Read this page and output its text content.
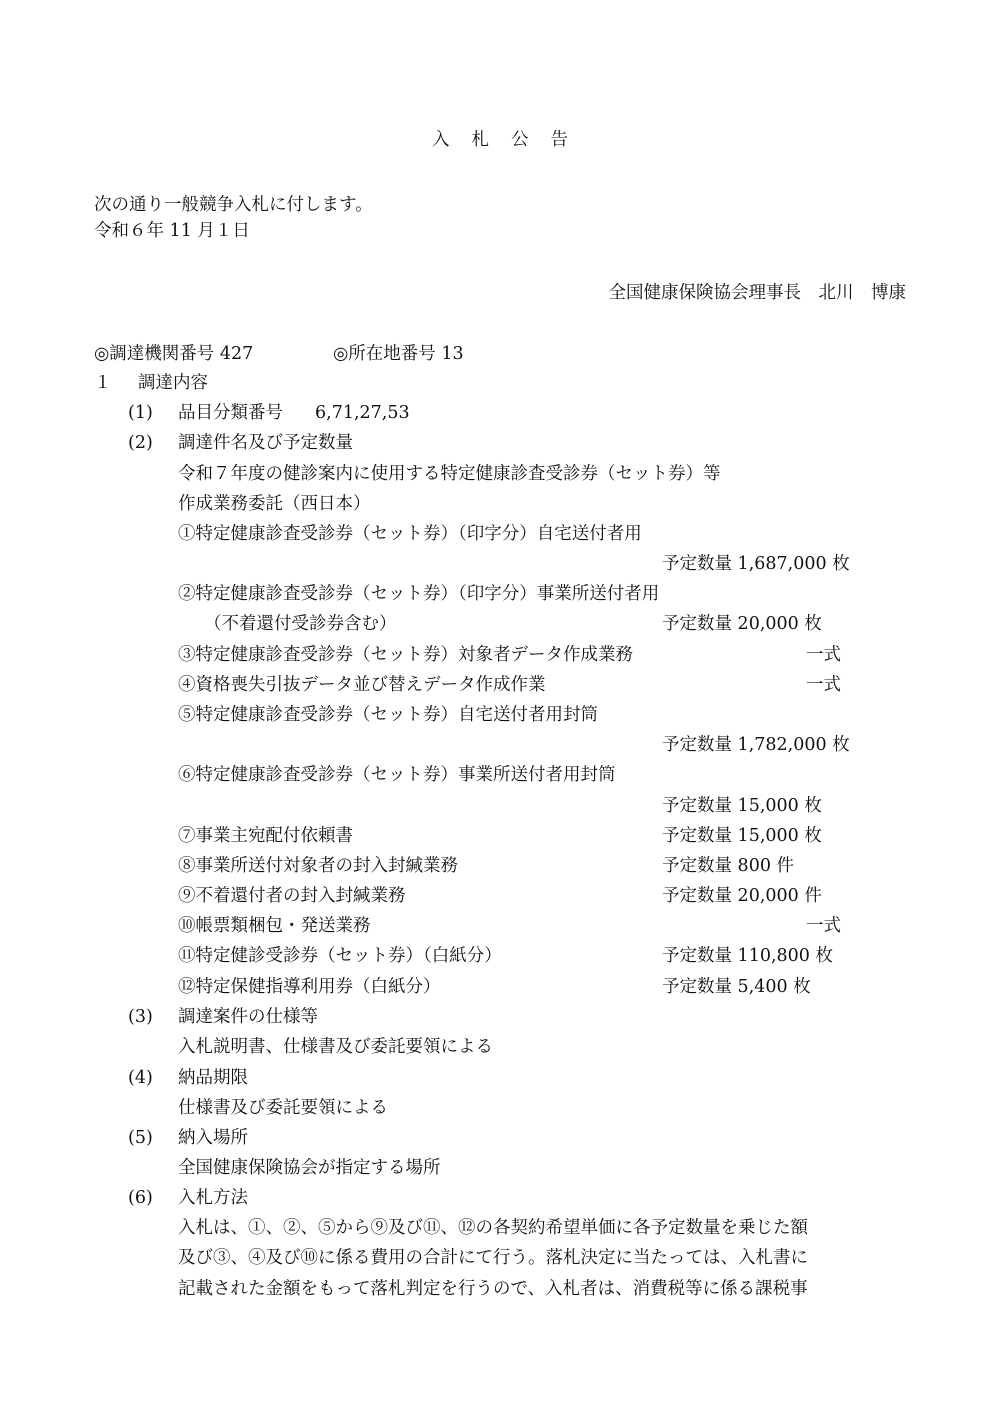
入札公告
次の通り一般競争入札に付します。
令和６年 11 月１日
全国健康保険協会理事長　北川　博康
◎調達機関番号 427	◎所在地番号 13
１ 調達内容
(1) 品目分類番号 6,71,27,53
(2) 調達件名及び予定数量
令和７年度の健診案内に使用する特定健康診査受診券（セット券）等
作成業務委託（西日本）
①特定健康診査受診券（セット券）（印字分）自宅送付者用
予定数量 1,687,000 枚
②特定健康診査受診券（セット券）（印字分）事業所送付者用
（不着還付受診券含む）	予定数量 20,000 枚
③特定健康診査受診券（セット券）対象者データ作成業務	一式
④資格喪失引抜データ並び替えデータ作成作業	一式
⑤特定健康診査受診券（セット券）自宅送付者用封筒
予定数量 1,782,000 枚
⑥特定健康診査受診券（セット券）事業所送付者用封筒
予定数量 15,000 枚
⑦事業主宛配付依頼書	予定数量 15,000 枚
⑧事業所送付対象者の封入封緘業務	予定数量 800 件
⑨不着還付者の封入封緘業務	予定数量 20,000 件
⑩帳票類梱包・発送業務	一式
⑪特定健診受診券（セット券）（白紙分）	予定数量 110,800 枚
⑫特定保健指導利用券（白紙分）	予定数量 5,400 枚
(3) 調達案件の仕様等
入札説明書、仕様書及び委託要領による
(4) 納品期限
仕様書及び委託要領による
(5) 納入場所
全国健康保険協会が指定する場所
(6) 入札方法
入札は、①、②、⑤から⑨及び⑪、⑫の各契約希望単価に各予定数量を乗じた額
及び③、④及び⑩に係る費用の合計にて行う。落札決定に当たっては、入札書に
記載された金額をもって落札判定を行うので、入札者は、消費税等に係る課税事
